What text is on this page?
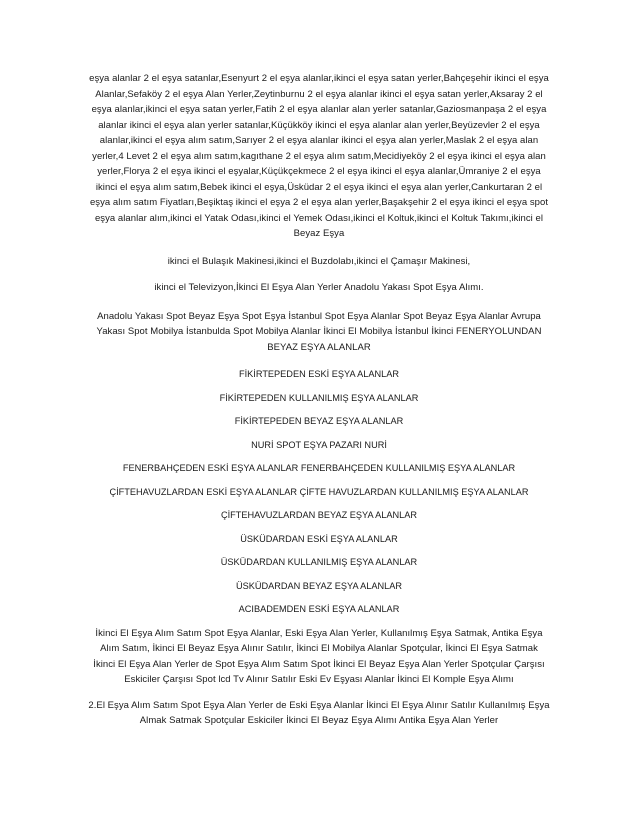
eşya alanlar 2 el eşya satanlar,Esenyurt 2 el eşya alanlar,ikinci el eşya satan yerler,Bahçeşehir ikinci el eşya Alanlar,Sefaköy 2 el eşya Alan Yerler,Zeytinburnu 2 el eşya alanlar ikinci el eşya satan yerler,Aksaray 2 el eşya alanlar,ikinci el eşya satan yerler,Fatih 2 el eşya alanlar alan yerler satanlar,Gaziosmanpaşa 2 el eşya alanlar ikinci el eşya alan yerler satanlar,Küçükköy ikinci el eşya alanlar alan yerler,Beyüzevler 2 el eşya alanlar,ikinci el eşya alım satım,Sarıyer 2 el eşya alanlar ikinci el eşya alan yerler,Maslak 2 el eşya alan yerler,4 Levet 2 el eşya alım satım,kagıthane 2 el eşya alım satım,Mecidiyeköy 2 el eşya ikinci el eşya alan yerler,Florya 2 el eşya ikinci el eşyalar,Küçükçekmece 2 el eşya ikinci el eşya alanlar,Ümraniye 2 el eşya ikinci el eşya alım satım,Bebek ikinci el eşya,Üsküdar 2 el eşya ikinci el eşya alan yerler,Cankurtaran 2 el eşya alım satım Fiyatları,Beşiktaş ikinci el eşya 2 el eşya alan yerler,Başakşehir 2 el eşya ikinci el eşya spot eşya alanlar alım,ikinci el Yatak Odası,ikinci el Yemek Odası,ikinci el Koltuk,ikinci el Koltuk Takımı,ikinci el Beyaz Eşya

ikinci el Bulaşık Makinesi,ikinci el Buzdolabı,ikinci el Çamaşır Makinesi,

ikinci el Televizyon,İkinci El Eşya Alan Yerler Anadolu Yakası Spot Eşya Alımı.

Anadolu Yakası Spot Beyaz Eşya Spot Eşya İstanbul Spot Eşya Alanlar Spot Beyaz Eşya Alanlar Avrupa Yakası Spot Mobilya İstanbulda Spot Mobilya Alanlar İkinci El Mobilya İstanbul İkinci FENERYOLUNDAN BEYAZ EŞYA ALANLAR

FİKİRTEPEDEN ESKİ EŞYA ALANLAR

FİKİRTEPEDEN KULLANILMIŞ EŞYA ALANLAR

FİKİRTEPEDEN BEYAZ EŞYA ALANLAR

NURİ SPOT EŞYA PAZARI NURİ

FENERBAHÇEDEN ESKİ EŞYA ALANLAR FENERBAHÇEDEN KULLANILMIŞ EŞYA ALANLAR

ÇİFTEHAVUZLARDAN ESKİ EŞYA ALANLAR ÇİFTE HAVUZLARDAN KULLANILMIŞ EŞYA ALANLAR

ÇİFTEHAVUZLARDAN BEYAZ EŞYA ALANLAR

ÜSKÜDARDAN ESKİ EŞYA ALANLAR

ÜSKÜDARDAN KULLANILMIŞ EŞYA ALANLAR

ÜSKÜDARDAN BEYAZ EŞYA ALANLAR

ACIBADEMDEN ESKİ EŞYA ALANLAR

İkinci El Eşya Alım Satım Spot Eşya Alanlar, Eski Eşya Alan Yerler, Kullanılmış Eşya Satmak, Antika Eşya Alım Satım, İkinci El Beyaz Eşya Alınır Satılır, İkinci El Mobilya Alanlar Spotçular, İkinci El Eşya Satmak İkinci El Eşya Alan Yerler de Spot Eşya Alım Satım Spot İkinci El Beyaz Eşya Alan Yerler Spotçular Çarşısı Eskiciler Çarşısı Spot lcd Tv Alınır Satılır Eski Ev Eşyası Alanlar İkinci El Komple Eşya Alımı

2.El Eşya Alım Satım Spot Eşya Alan Yerler de Eski Eşya Alanlar İkinci El Eşya Alınır Satılır Kullanılmış Eşya Almak Satmak Spotçular Eskiciler İkinci El Beyaz Eşya Alımı Antika Eşya Alan Yerler
